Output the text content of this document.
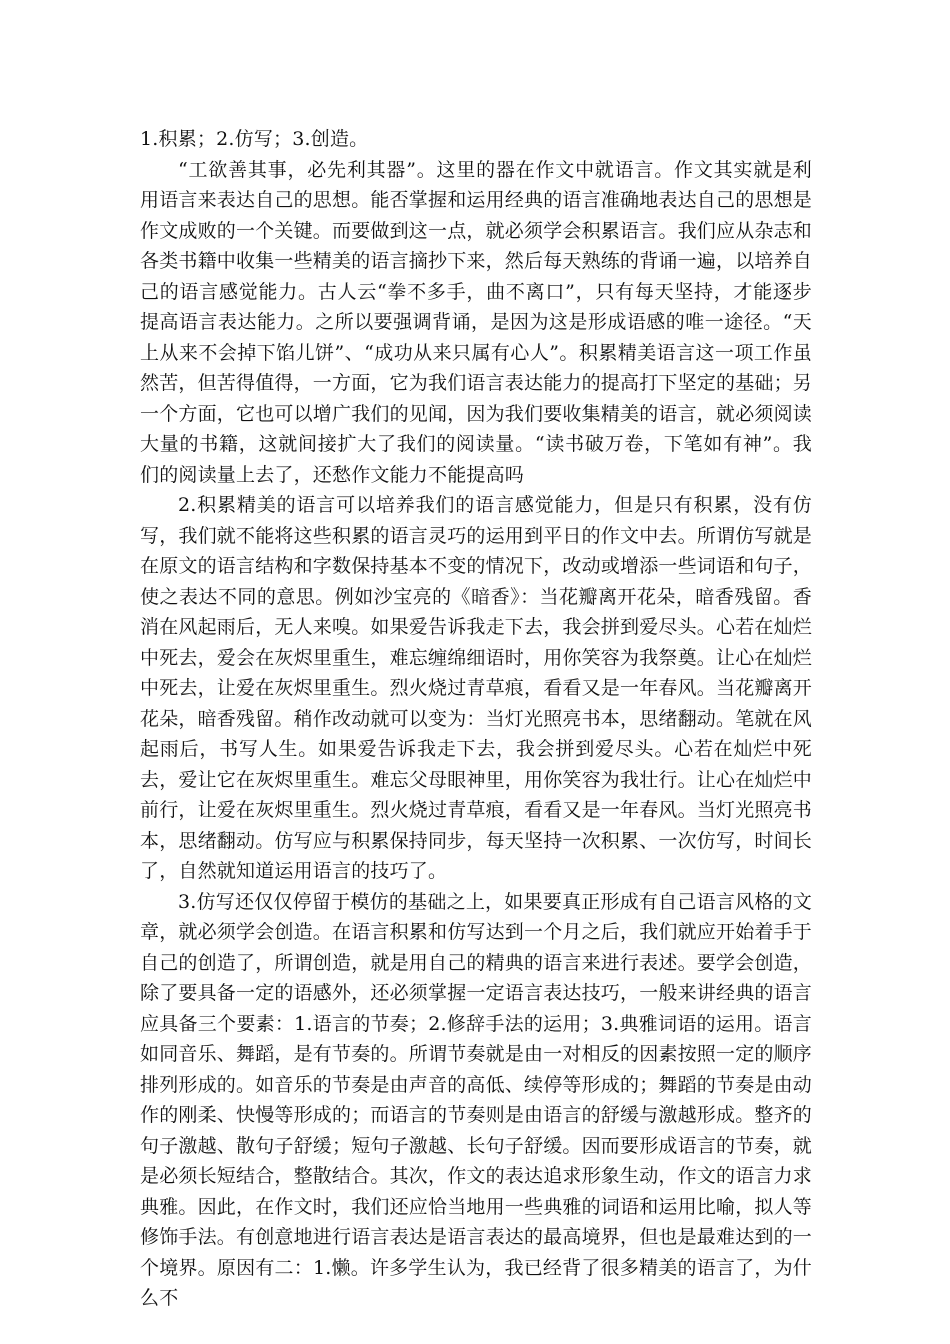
1.积累；2.仿写；3.创造。

“工欲善其事，必先利其器”。这里的器在作文中就语言。作文其实就是利用语言来表达自己的思想。能否掌握和运用经典的语言准确地表达自己的思想是作文成败的一个关键。而要做到这一点，就必须学会积累语言。我们应从杂志和各类书籍中收集一些精美的语言摘抄下来，然后每天熟练的背诵一遍，以培养自己的语言感觉能力。古人云“拳不多手，曲不离口”，只有每天坚持，才能逐步提高语言表达能力。之所以要强调背诵，是因为这是形成语感的唯一途径。“天上从来不会掉下馅儿饼”、“成功从来只属有心人”。积累精美语言这一项工作虽然苦，但苦得值得，一方面，它为我们语言表达能力的提高打下坚定的基础；另一个方面，它也可以增广我们的见闻，因为我们要收集精美的语言，就必须阅读大量的书籍，这就间接扩大了我们的阅读量。“读书破万卷，下笔如有神”。我们的阅读量上去了，还愁作文能力不能提高吗

2.积累精美的语言可以培养我们的语言感觉能力，但是只有积累，没有仿写，我们就不能将这些积累的语言灵巧的运用到平日的作文中去。所谓仿写就是在原文的语言结构和字数保持基本不变的情况下，改动或增添一些词语和句子，使之表达不同的意思。例如沙宝亮的《暗香》：当花瓣离开花朵，暗香残留。香消在风起雨后，无人来嗅。如果爱告诉我走下去，我会拼到爱尽头。心若在灿烂中死去，爱会在灰烬里重生，难忘缠绵细语时，用你笑容为我祭奠。让心在灿烂中死去，让爱在灰烬里重生。烈火烧过青草痕，看看又是一年春风。当花瓣离开花朵，暗香残留。稍作改动就可以变为：当灯光照亮书本，思绪翻动。笔就在风起雨后，书写人生。如果爱告诉我走下去，我会拼到爱尽头。心若在灿烂中死去，爱让它在灰烬里重生。难忘父母眼神里，用你笑容为我壮行。让心在灿烂中前行，让爱在灰烬里重生。烈火烧过青草痕，看看又是一年春风。当灯光照亮书本，思绪翻动。仿写应与积累保持同步，每天坚持一次积累、一次仿写，时间长了，自然就知道运用语言的技巧了。

3.仿写还仅仅停留于模仿的基础之上，如果要真正形成有自己语言风格的文章，就必须学会创造。在语言积累和仿写达到一个月之后，我们就应开始着手于自己的创造了，所谓创造，就是用自己的精典的语言来进行表述。要学会创造，除了要具备一定的语感外，还必须掌握一定语言表达技巧，一般来讲经典的语言应具备三个要素：1.语言的节奏；2.修辞手法的运用；3.典雅词语的运用。语言如同音乐、舞蹈，是有节奏的。所谓节奏就是由一对相反的因素按照一定的顺序排列形成的。如音乐的节奏是由声音的高低、续停等形成的；舞蹈的节奏是由动作的刚柔、快慢等形成的；而语言的节奏则是由语言的舒缓与激越形成。整齐的句子激越、散句子舒缓；短句子激越、长句子舒缓。因而要形成语言的节奏，就是必须长短结合，整散结合。其次，作文的表达追求形象生动，作文的语言力求典雅。因此，在作文时，我们还应恰当地用一些典雅的词语和运用比喻，拟人等修饰手法。有创意地进行语言表达是语言表达的最高境界，但也是最难达到的一个境界。原因有二：1.懒。许多学生认为，我已经背了很多精美的语言了，为什么不
